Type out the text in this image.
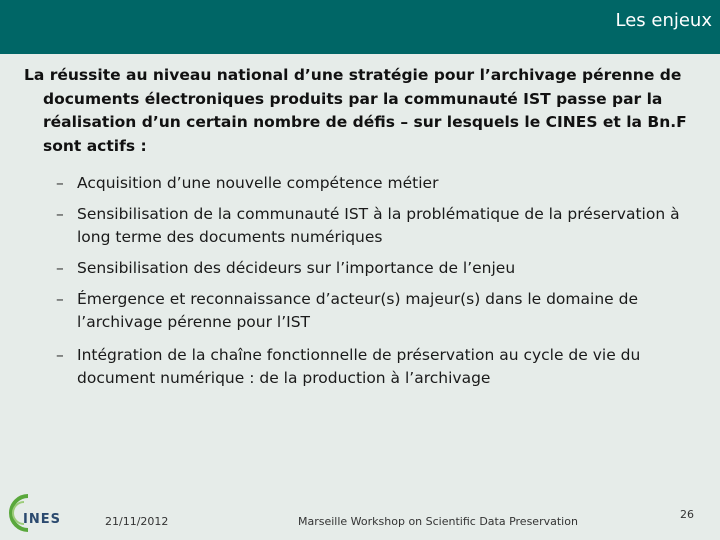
Les enjeux
La réussite au niveau national d’une stratégie pour l’archivage pérenne de documents électroniques produits par la communauté IST passe par la réalisation d’un certain nombre de défis – sur lesquels le CINES et la Bn.F sont actifs :
– Acquisition d’une nouvelle compétence métier
– Sensibilisation de la communauté IST à la problématique de la préservation à long terme des documents numériques
– Sensibilisation des décideurs sur l’importance de l’enjeu
– Émergence et reconnaissance d’acteur(s) majeur(s) dans le domaine de l’archivage pérenne pour l’IST
– Intégration de la chaîne fonctionnelle de préservation au cycle de vie du document numérique : de la production à l’archivage
INES	21/11/2012	Marseille Workshop on Scientific Data Preservation
26
